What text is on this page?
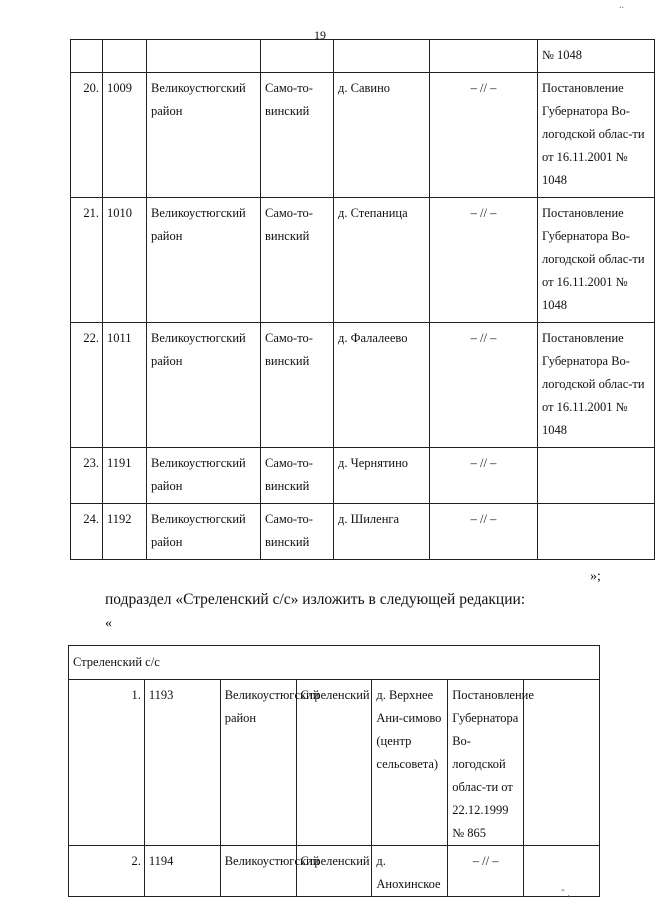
19
..
						№ 1048
20.	1009	Великоустюгский район	Само-то-винский	д. Савино	– // –	Постановление Губернатора Во-логодской облас-ти от 16.11.2001 № 1048
21.	1010	Великоустюгский район	Само-то-винский	д. Степаница	– // –	Постановление Губернатора Во-логодской облас-ти от 16.11.2001 № 1048
22.	1011	Великоустюгский район	Само-то-винский	д. Фалалеево	– // –	Постановление Губернатора Во-логодской облас-ти от 16.11.2001 № 1048
23.	1191	Великоустюгский район	Само-то-винский	д. Чернятино	– // –	
24.	1192	Великоустюгский район	Само-то-винский	д. Шиленга	– // –	
»;
подраздел «Стреленский с/с» изложить в следующей редакции:
«
Стреленский с/с						
1.	1193	Великоустюгский район	Стреленский	д. Верхнее Ани-симово (центр сельсовета)	Постановление Губернатора Во-логодской облас-ти от 22.12.1999 № 865	
2.	1194	Великоустюгский	Стреленский	д. Анохинское	– // –	
" ,
